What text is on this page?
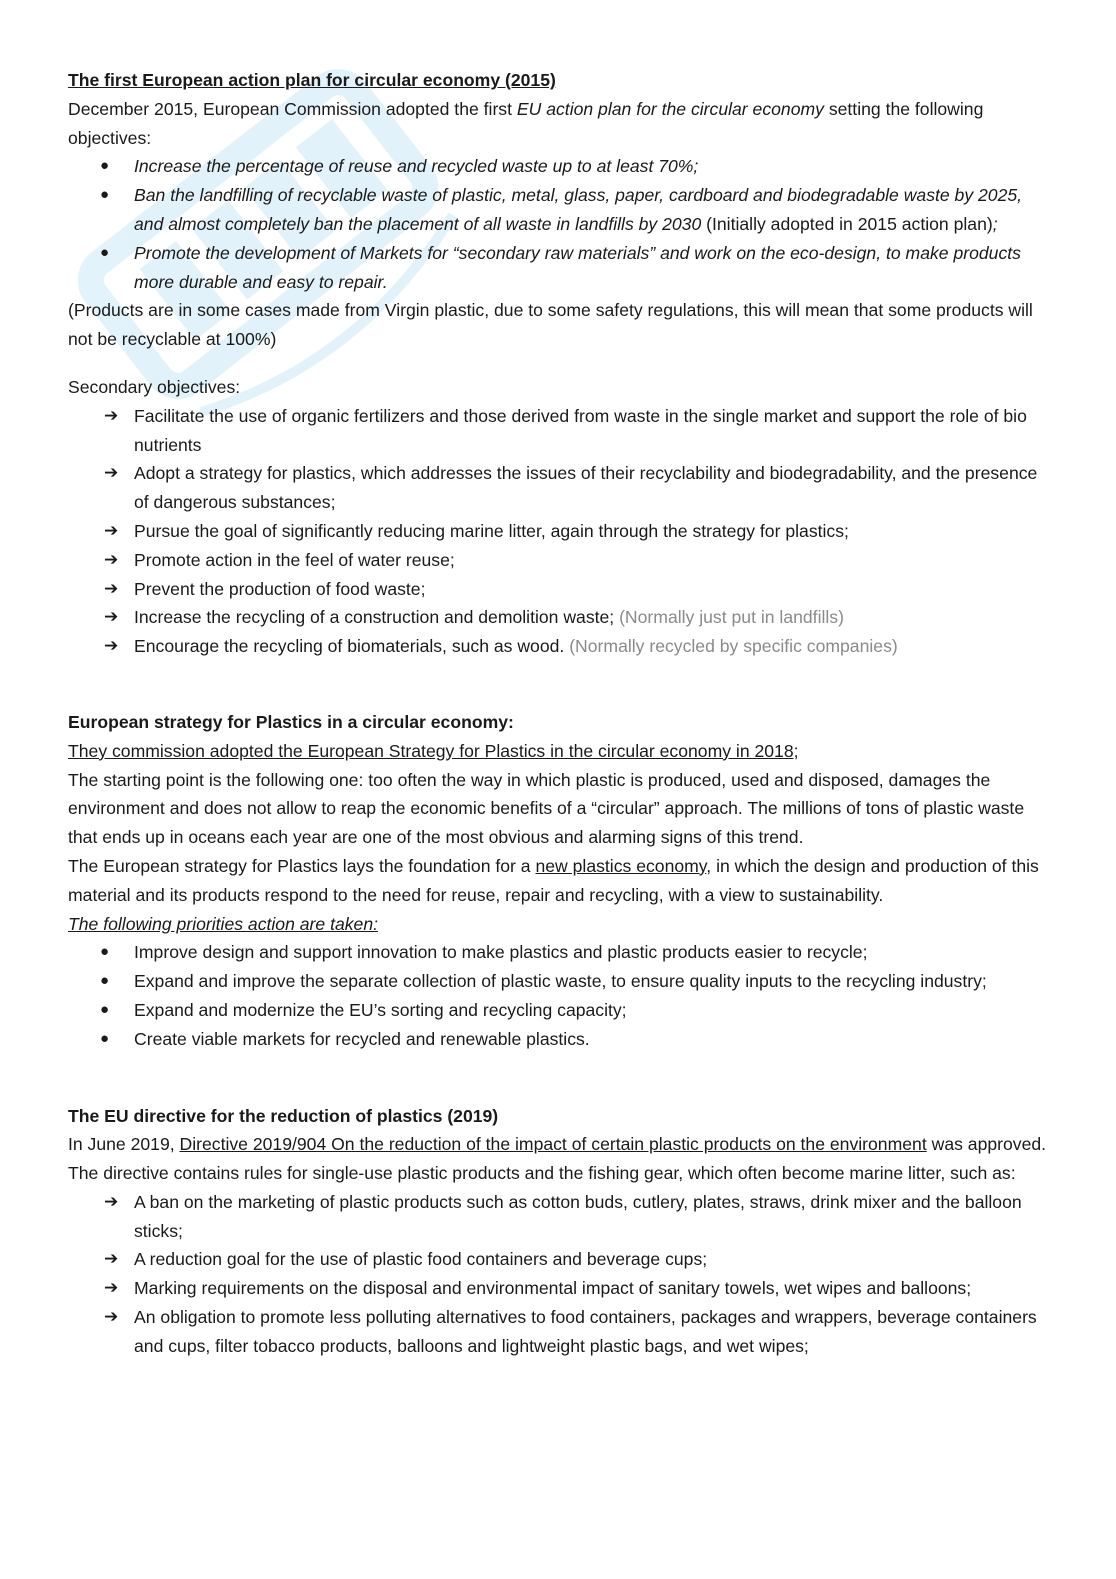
The first European action plan for circular economy (2015)
December 2015, European Commission adopted the first EU action plan for the circular economy setting the following objectives:
●	Increase the percentage of reuse and recycled waste up to at least 70%;
●	Ban the landfilling of recyclable waste of plastic, metal, glass, paper, cardboard and biodegradable waste by 2025, and almost completely ban the placement of all waste in landfills by 2030 (Initially adopted in 2015 action plan);
●	Promote the development of Markets for “secondary raw materials” and work on the eco-design, to make products more durable and easy to repair.
(Products are in some cases made from Virgin plastic, due to some safety regulations, this will mean that some products will not be recyclable at 100%)
Secondary objectives:
➔ Facilitate the use of organic fertilizers and those derived from waste in the single market and support the role of bio nutrients
➔ Adopt a strategy for plastics, which addresses the issues of their recyclability and biodegradability, and the presence of dangerous substances;
➔ Pursue the goal of significantly reducing marine litter, again through the strategy for plastics;
➔ Promote action in the feel of water reuse;
➔ Prevent the production of food waste;
➔ Increase the recycling of a construction and demolition waste; (Normally just put in landfills)
➔ Encourage the recycling of biomaterials, such as wood. (Normally recycled by specific companies)
European strategy for Plastics in a circular economy:
They commission adopted the European Strategy for Plastics in the circular economy in 2018;
The starting point is the following one: too often the way in which plastic is produced, used and disposed, damages the environment and does not allow to reap the economic benefits of a “circular” approach. The millions of tons of plastic waste that ends up in oceans each year are one of the most obvious and alarming signs of this trend.
The European strategy for Plastics lays the foundation for a new plastics economy, in which the design and production of this material and its products respond to the need for reuse, repair and recycling, with a view to sustainability.
The following priorities action are taken:
●	Improve design and support innovation to make plastics and plastic products easier to recycle;
●	Expand and improve the separate collection of plastic waste, to ensure quality inputs to the recycling industry;
●	Expand and modernize the EU’s sorting and recycling capacity;
●	Create viable markets for recycled and renewable plastics.
The EU directive for the reduction of plastics (2019)
In June 2019, Directive 2019/904 On the reduction of the impact of certain plastic products on the environment was approved. The directive contains rules for single-use plastic products and the fishing gear, which often become marine litter, such as:
➔ A ban on the marketing of plastic products such as cotton buds, cutlery, plates, straws, drink mixer and the balloon sticks;
➔ A reduction goal for the use of plastic food containers and beverage cups;
➔ Marking requirements on the disposal and environmental impact of sanitary towels, wet wipes and balloons;
➔ An obligation to promote less polluting alternatives to food containers, packages and wrappers, beverage containers and cups, filter tobacco products, balloons and lightweight plastic bags, and wet wipes;
